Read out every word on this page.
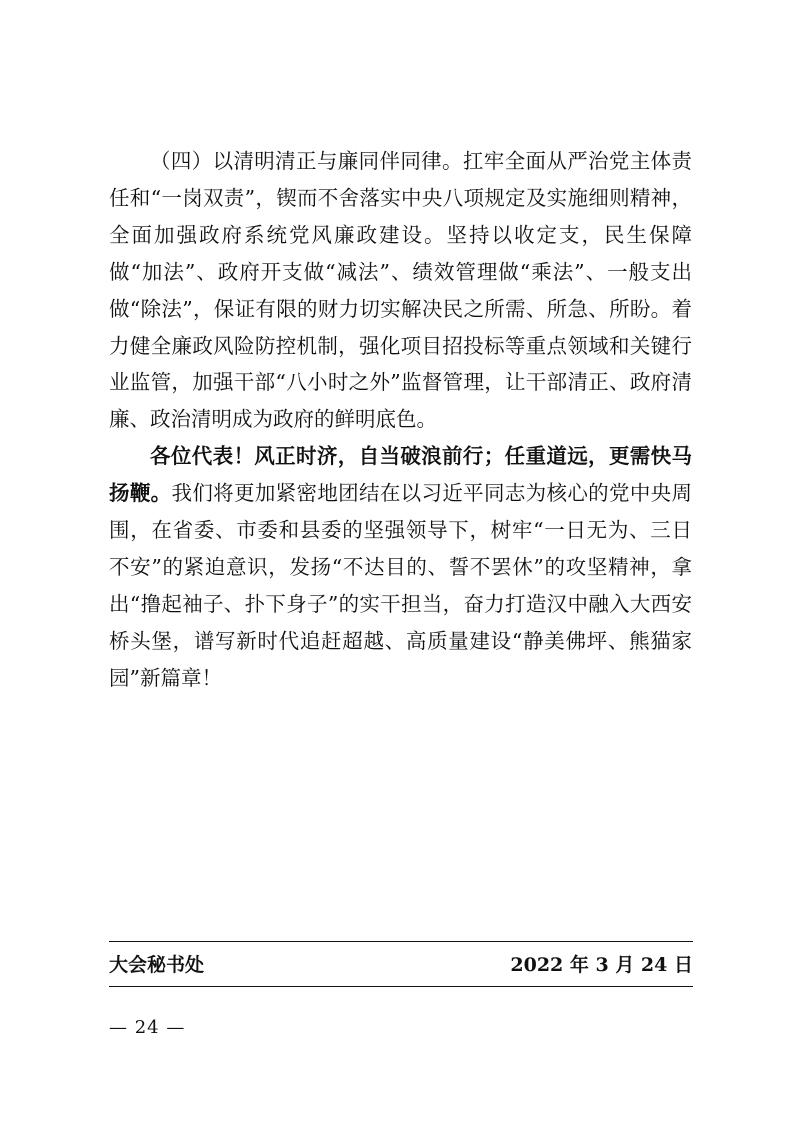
（四）以清明清正与廉同伴同律。扛牢全面从严治党主体责任和“一岗双责”，锲而不舍落实中央八项规定及实施细则精神，全面加强政府系统党风廉政建设。坚持以收定支，民生保障做“加法”、政府开支做“减法”、绩效管理做“乘法”、一般支出做“除法”，保证有限的财力切实解决民之所需、所急、所盼。着力健全廉政风险防控机制，强化项目招投标等重点领域和关键行业监管，加强干部“八小时之外”监督管理，让干部清正、政府清廉、政治清明成为政府的鲜明底色。

各位代表！风正时济，自当破浪前行；任重道远，更需快马扬鞭。我们将更加紧密地团结在以习近平同志为核心的党中央周围，在省委、市委和县委的坚强领导下，树牢“一日无为、三日不安”的紧迫意识，发扬“不达目的、誓不罢休”的攻坚精神，拿出“撸起袖子、扑下身子”的实干担当，奋力打造汉中融入大西安桥头堡，谱写新时代追赶超越、高质量建设“静美佛坪、熊猫家园”新篇章！

大会秘书处	2022 年 3 月 24 日
— 24 —
